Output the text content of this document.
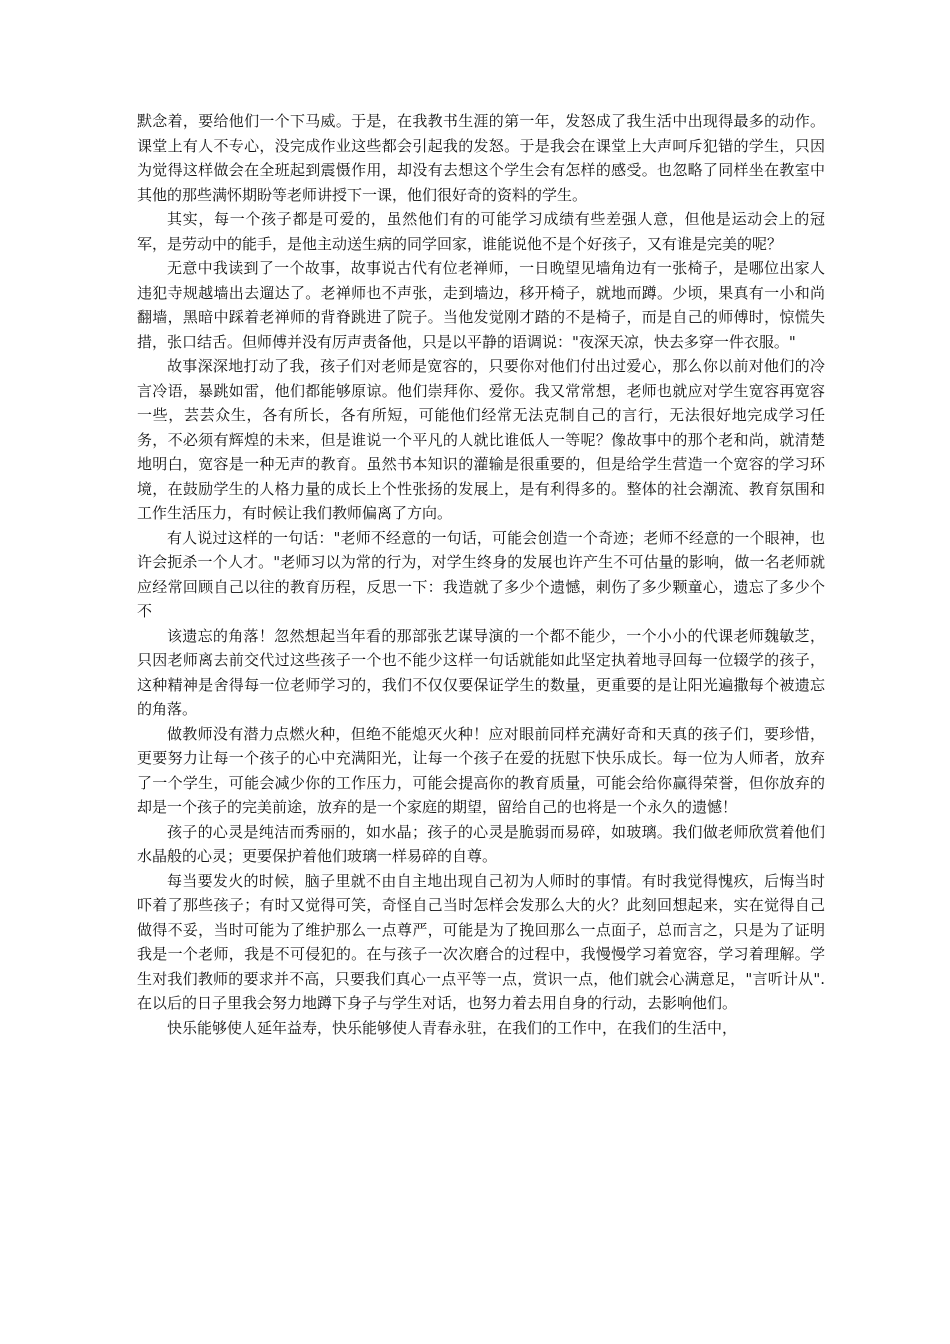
默念着，要给他们一个下马威。于是，在我教书生涯的第一年，发怒成了我生活中出现得最多的动作。课堂上有人不专心，没完成作业这些都会引起我的发怒。于是我会在课堂上大声呵斥犯错的学生，只因为觉得这样做会在全班起到震慑作用，却没有去想这个学生会有怎样的感受。也忽略了同样坐在教室中其他的那些满怀期盼等老师讲授下一课，他们很好奇的资料的学生。

其实，每一个孩子都是可爱的，虽然他们有的可能学习成绩有些差强人意，但他是运动会上的冠军，是劳动中的能手，是他主动送生病的同学回家，谁能说他不是个好孩子，又有谁是完美的呢？

无意中我读到了一个故事，故事说古代有位老禅师，一日晚望见墙角边有一张椅子，是哪位出家人违犯寺规越墙出去遛达了。老禅师也不声张，走到墙边，移开椅子，就地而蹲。少顷，果真有一小和尚翻墙，黑暗中踩着老禅师的背脊跳进了院子。当他发觉刚才踏的不是椅子，而是自己的师傅时，惊慌失措，张口结舌。但师傅并没有厉声责备他，只是以平静的语调说："夜深天凉，快去多穿一件衣服。"

故事深深地打动了我，孩子们对老师是宽容的，只要你对他们付出过爱心，那么你以前对他们的冷言冷语，暴跳如雷，他们都能够原谅。他们崇拜你、爱你。我又常常想，老师也就应对学生宽容再宽容一些，芸芸众生，各有所长，各有所短，可能他们经常无法克制自己的言行，无法很好地完成学习任务，不必须有辉煌的未来，但是谁说一个平凡的人就比谁低人一等呢？像故事中的那个老和尚，就清楚地明白，宽容是一种无声的教育。虽然书本知识的灌输是很重要的，但是给学生营造一个宽容的学习环境，在鼓励学生的人格力量的成长上个性张扬的发展上，是有利得多的。整体的社会潮流、教育氛围和工作生活压力，有时候让我们教师偏离了方向。

有人说过这样的一句话："老师不经意的一句话，可能会创造一个奇迹；老师不经意的一个眼神，也许会扼杀一个人才。"老师习以为常的行为，对学生终身的发展也许产生不可估量的影响，做一名老师就应经常回顾自己以往的教育历程，反思一下：我造就了多少个遗憾，刺伤了多少颗童心，遗忘了多少个不

该遗忘的角落！忽然想起当年看的那部张艺谋导演的一个都不能少，一个小小的代课老师魏敏芝，只因老师离去前交代过这些孩子一个也不能少这样一句话就能如此坚定执着地寻回每一位辍学的孩子，这种精神是舍得每一位老师学习的，我们不仅仅要保证学生的数量，更重要的是让阳光遍撒每个被遗忘的角落。

做教师没有潜力点燃火种，但绝不能熄灭火种！应对眼前同样充满好奇和天真的孩子们，要珍惜，更要努力让每一个孩子的心中充满阳光，让每一个孩子在爱的抚慰下快乐成长。每一位为人师者，放弃了一个学生，可能会减少你的工作压力，可能会提高你的教育质量，可能会给你赢得荣誉，但你放弃的却是一个孩子的完美前途，放弃的是一个家庭的期望，留给自己的也将是一个永久的遗憾！

孩子的心灵是纯洁而秀丽的，如水晶；孩子的心灵是脆弱而易碎，如玻璃。我们做老师欣赏着他们水晶般的心灵；更要保护着他们玻璃一样易碎的自尊。

每当要发火的时候，脑子里就不由自主地出现自己初为人师时的事情。有时我觉得愧疚，后悔当时吓着了那些孩子；有时又觉得可笑，奇怪自己当时怎样会发那么大的火？此刻回想起来，实在觉得自己做得不妥，当时可能为了维护那么一点尊严，可能是为了挽回那么一点面子，总而言之，只是为了证明我是一个老师，我是不可侵犯的。在与孩子一次次磨合的过程中，我慢慢学习着宽容，学习着理解。学生对我们教师的要求并不高，只要我们真心一点平等一点，赏识一点，他们就会心满意足，"言听计从".在以后的日子里我会努力地蹲下身子与学生对话，也努力着去用自身的行动，去影响他们。

快乐能够使人延年益寿，快乐能够使人青春永驻，在我们的工作中，在我们的生活中，
